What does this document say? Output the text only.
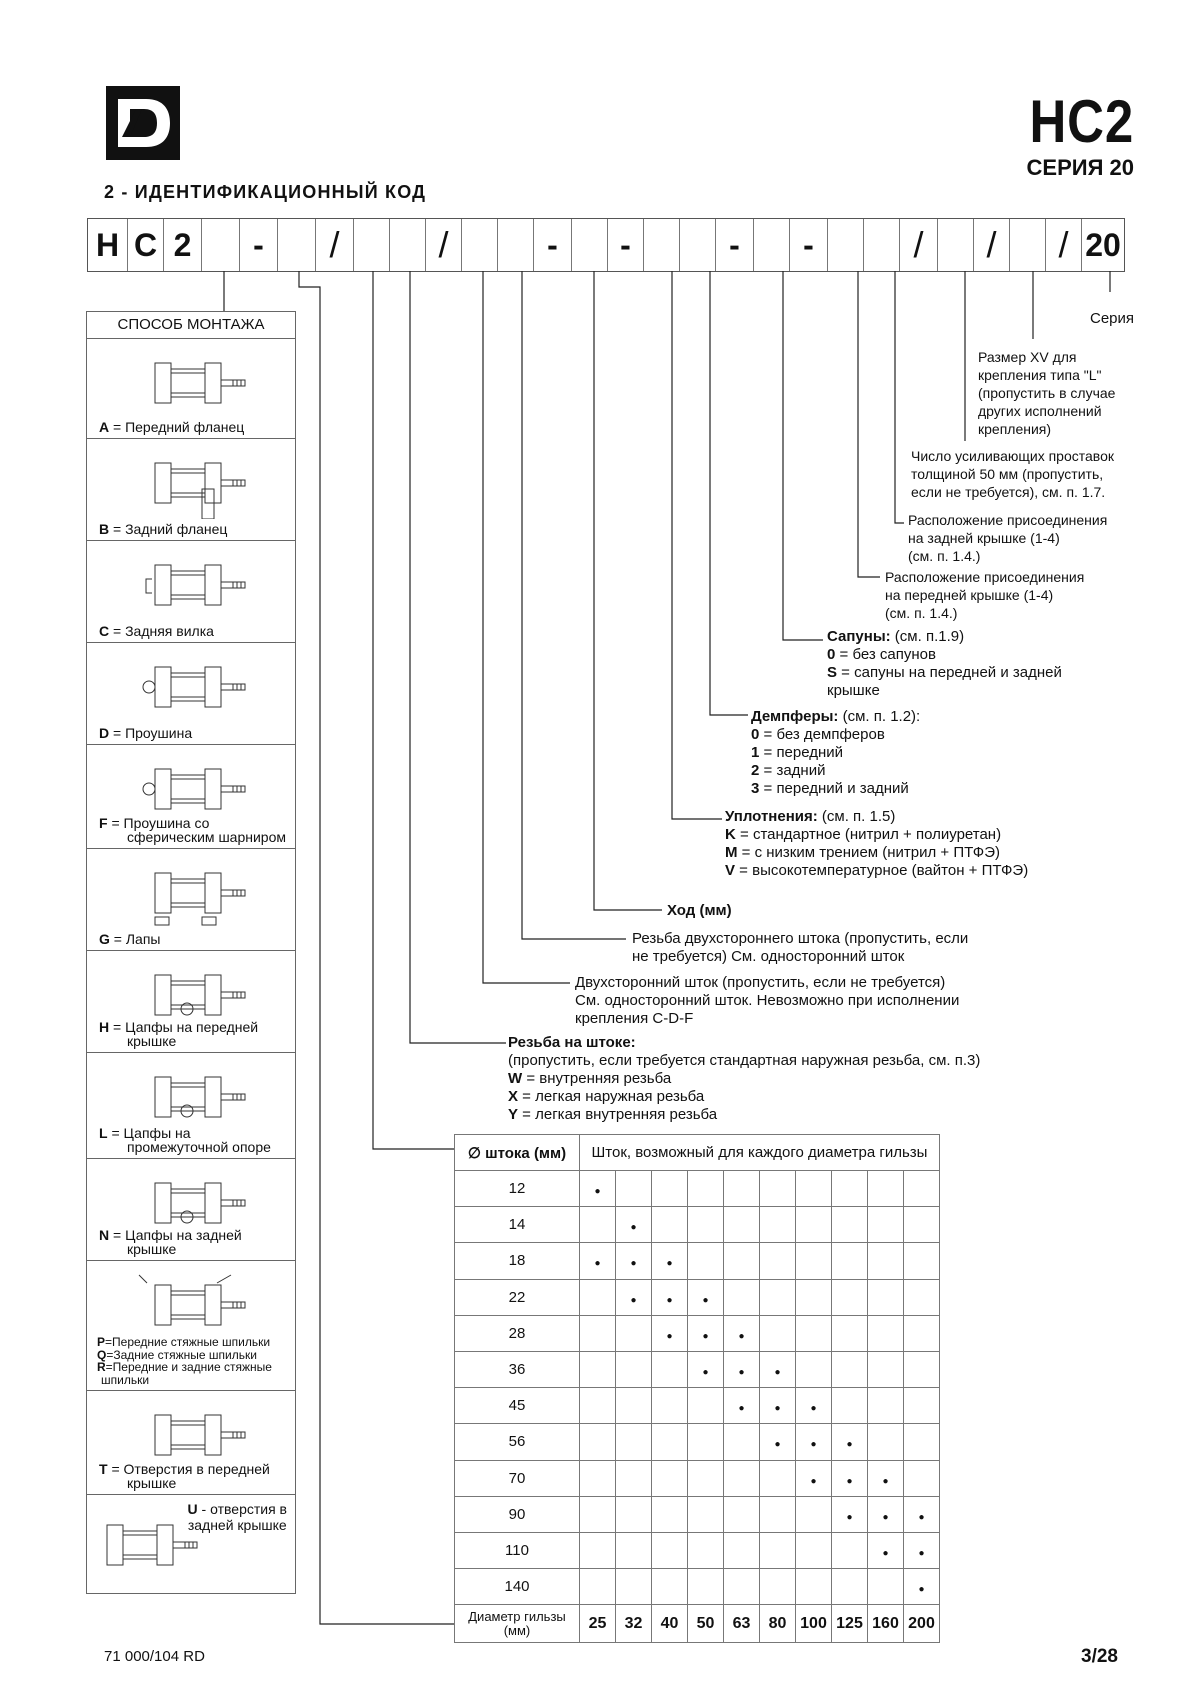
HC2
СЕРИЯ 20
2 - ИДЕНТИФИКАЦИОННЫЙ КОД
H C 2	-	/	/	-	-	-	-	/	/	/ 20
Серия
Размер XV для
крепления типа "L"
(пропустить в случае
других исполнений
крепления)
Число усиливающих проставок
толщиной 50 мм (пропустить,
если не требуется), см. п. 1.7.
Расположение присоединения
на задней крышке (1-4)
(см. п. 1.4.)
Расположение присоединения
на передней крышке (1-4)
(см. п. 1.4.)
Сапуны: (см. п.1.9)
0 = без сапунов
S = сапуны на передней и задней
крышке
Демпферы: (см. п. 1.2):
0 = без демпферов
1 = передний
2 = задний
3 = передний и задний
Уплотнения: (см. п. 1.5)
K = стандартное (нитрил + полиуретан)
M = с низким трением (нитрил + ПТФЭ)
V = высокотемпературное (вайтон + ПТФЭ)
Ход (мм)
Резьба двухстороннего штока (пропустить, если
не требуется) См. односторонний шток
Двухсторонний шток (пропустить, если не требуется)
См. односторонний шток. Невозможно при исполнении
крепления C-D-F
Резьба на штоке:
(пропустить, если требуется стандартная наружная резьба, см. п.3)
W = внутренняя резьба
X = легкая наружная резьба
Y = легкая внутренняя резьба
СПОСОБ МОНТАЖА
A = Передний фланец
B = Задний фланец
C = Задняя вилка
D = Проушина
F = Проушина со
сферическим шарниром
G = Лапы
H = Цапфы на передней
крышке
L = Цапфы на
промежуточной опоре
N = Цапфы на задней
крышке
P=Передние стяжные шпильки
Q=Задние стяжные шпильки
R=Передние и задние стяжные
шпильки
T = Отверстия в передней
крышке
U - отверстия в
задней крышке
∅ штока (мм)	Шток, возможный для каждого диаметра гильзы									
12	●									
14		●								
18	●	●	●							
22		●	●	●						
28			●	●	●					
36				●	●	●				
45					●	●	●			
56						●	●	●		
70							●	●	●	
90								●	●	●
110									●	●
140										●
Диаметр гильзы (мм)	25	32	40	50	63	80	100	125	160	200
71 000/104 RD	3/28
